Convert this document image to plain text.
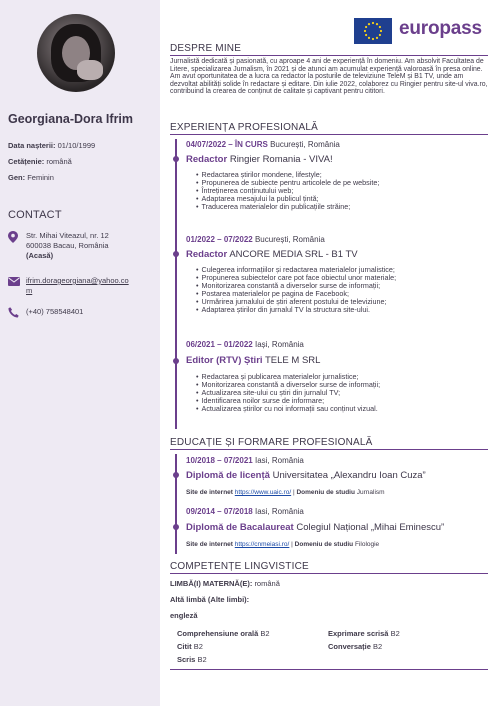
Georgiana-Dora Ifrim
Data nașterii: 01/10/1999
Cetățenie: română
Gen: Feminin
CONTACT
Str. Mihai Viteazul, nr. 12
600038 Bacau, România
(Acasă)
ifrim.dorageorgiana@yahoo.co
m
(+40) 758548401
europass
DESPRE MINE
Jurnalistă dedicată și pasionată, cu aproape 4 ani de experiență în domeniu. Am absolvit Facultatea de Litere, specializarea Jurnalism, în 2021 și de atunci am acumulat experiență valoroasă în presa online. Am avut oportunitatea de a lucra ca redactor la posturile de televiziune TeleM și B1 TV, unde am dezvoltat abilități solide în redactare și editare. Din iulie 2022, colaborez cu Ringier pentru site-ul viva.ro, contribuind la crearea de conținut de calitate și captivant pentru cititori.
EXPERIENȚA PROFESIONALĂ
04/07/2022 – ÎN CURS București, România
Redactor Ringier Romania - VIVA!
• Redactarea știrilor mondene, lifestyle;
• Propunerea de subiecte pentru articolele de pe website;
• Întreținerea conținutului web;
• Adaptarea mesajului la publicul țintă;
• Traducerea materialelor din publicațiile străine;
01/2022 – 07/2022 București, România
Redactor ANCORE MEDIA SRL - B1 TV
• Culegerea informațiilor și redactarea materialelor jurnalistice;
• Propunerea subiectelor care pot face obiectul unor materiale;
• Monitorizarea constantă a diverselor surse de informații;
• Postarea materialelor pe pagina de Facebook;
• Urmărirea jurnalului de știri aferent postului de televiziune;
• Adaptarea știrilor din jurnalul TV la structura site-ului.
06/2021 – 01/2022 Iași, România
Editor (RTV) Știri TELE M SRL
• Redactarea și publicarea materialelor jurnalistice;
• Monitorizarea constantă a diverselor surse de informații;
• Actualizarea site-ului cu știri din jurnalul TV;
• Identificarea noilor surse de informare;
• Actualizarea știrilor cu noi informații sau conținut vizual.
EDUCAȚIE ȘI FORMARE PROFESIONALĂ
10/2018 – 07/2021 Iasi, România
Diplomă de licență Universitatea „Alexandru Ioan Cuza”
Site de internet https://www.uaic.ro/ | Domeniu de studiu Jurnalism
09/2014 – 07/2018 Iasi, România
Diplomă de Bacalaureat Colegiul Național „Mihai Eminescu”
Site de internet https://cnmeiasi.ro/ | Domeniu de studiu Filologie
COMPETENȚE LINGVISTICE
LIMBĂ(I) MATERNĂ(E): română
Altă limbă (Alte limbi):
engleză
Comprehensiune orală B2
Citit B2
Scris B2
Exprimare scrisă B2
Conversație B2
